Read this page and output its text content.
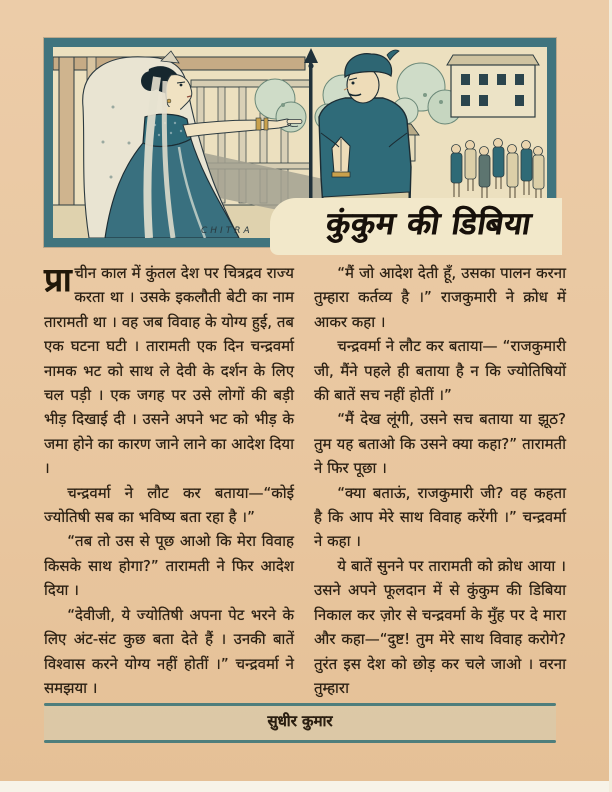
CHITRA	कुंकुम की डिबिया

प्रा चीन काल में कुंतल देश पर चित्रद्रव राज्य करता था । उसके इकलौती बेटी का नाम तारामती था । वह जब विवाह के योग्य हुई, तब एक घटना घटी । तारामती एक दिन चन्द्रवर्मा नामक भट को साथ ले देवी के दर्शन के लिए चल पड़ी । एक जगह पर उसे लोगों की बड़ी भीड़ दिखाई दी । उसने अपने भट को भीड़ के जमा होने का कारण जाने लाने का आदेश दिया ।

चन्द्रवर्मा ने लौट कर बताया—“कोई ज्योतिषी सब का भविष्य बता रहा है ।”

“तब तो उस से पूछ आओ कि मेरा विवाह किसके साथ होगा?” तारामती ने फिर आदेश दिया ।

“देवीजी, ये ज्योतिषी अपना पेट भरने के लिए अंट-संट कुछ बता देते हैं । उनकी बातें विश्वास करने योग्य नहीं होतीं ।” चन्द्रवर्मा ने समझया ।

“मैं जो आदेश देती हूँ, उसका पालन करना तुम्हारा कर्तव्य है ।” राजकुमारी ने क्रोध में आकर कहा ।

चन्द्रवर्मा ने लौट कर बताया— “राजकुमारी जी, मैंने पहले ही बताया है न कि ज्योतिषियों की बातें सच नहीं होतीं ।”

“मैं देख लूंगी, उसने सच बताया या झूठ? तुम यह बताओ कि उसने क्या कहा?” तारामती ने फिर पूछा ।

“क्या बताऊं, राजकुमारी जी? वह कहता है कि आप मेरे साथ विवाह करेंगी ।” चन्द्रवर्मा ने कहा ।

ये बातें सुनने पर तारामती को क्रोध आया । उसने अपने फूलदान में से कुंकुम की डिबिया निकाल कर ज़ोर से चन्द्रवर्मा के मुँह पर दे मारा और कहा—“दुष्ट! तुम मेरे साथ विवाह करोगे? तुरंत इस देश को छोड़ कर चले जाओ । वरना तुम्हारा

सुधीर कुमार
